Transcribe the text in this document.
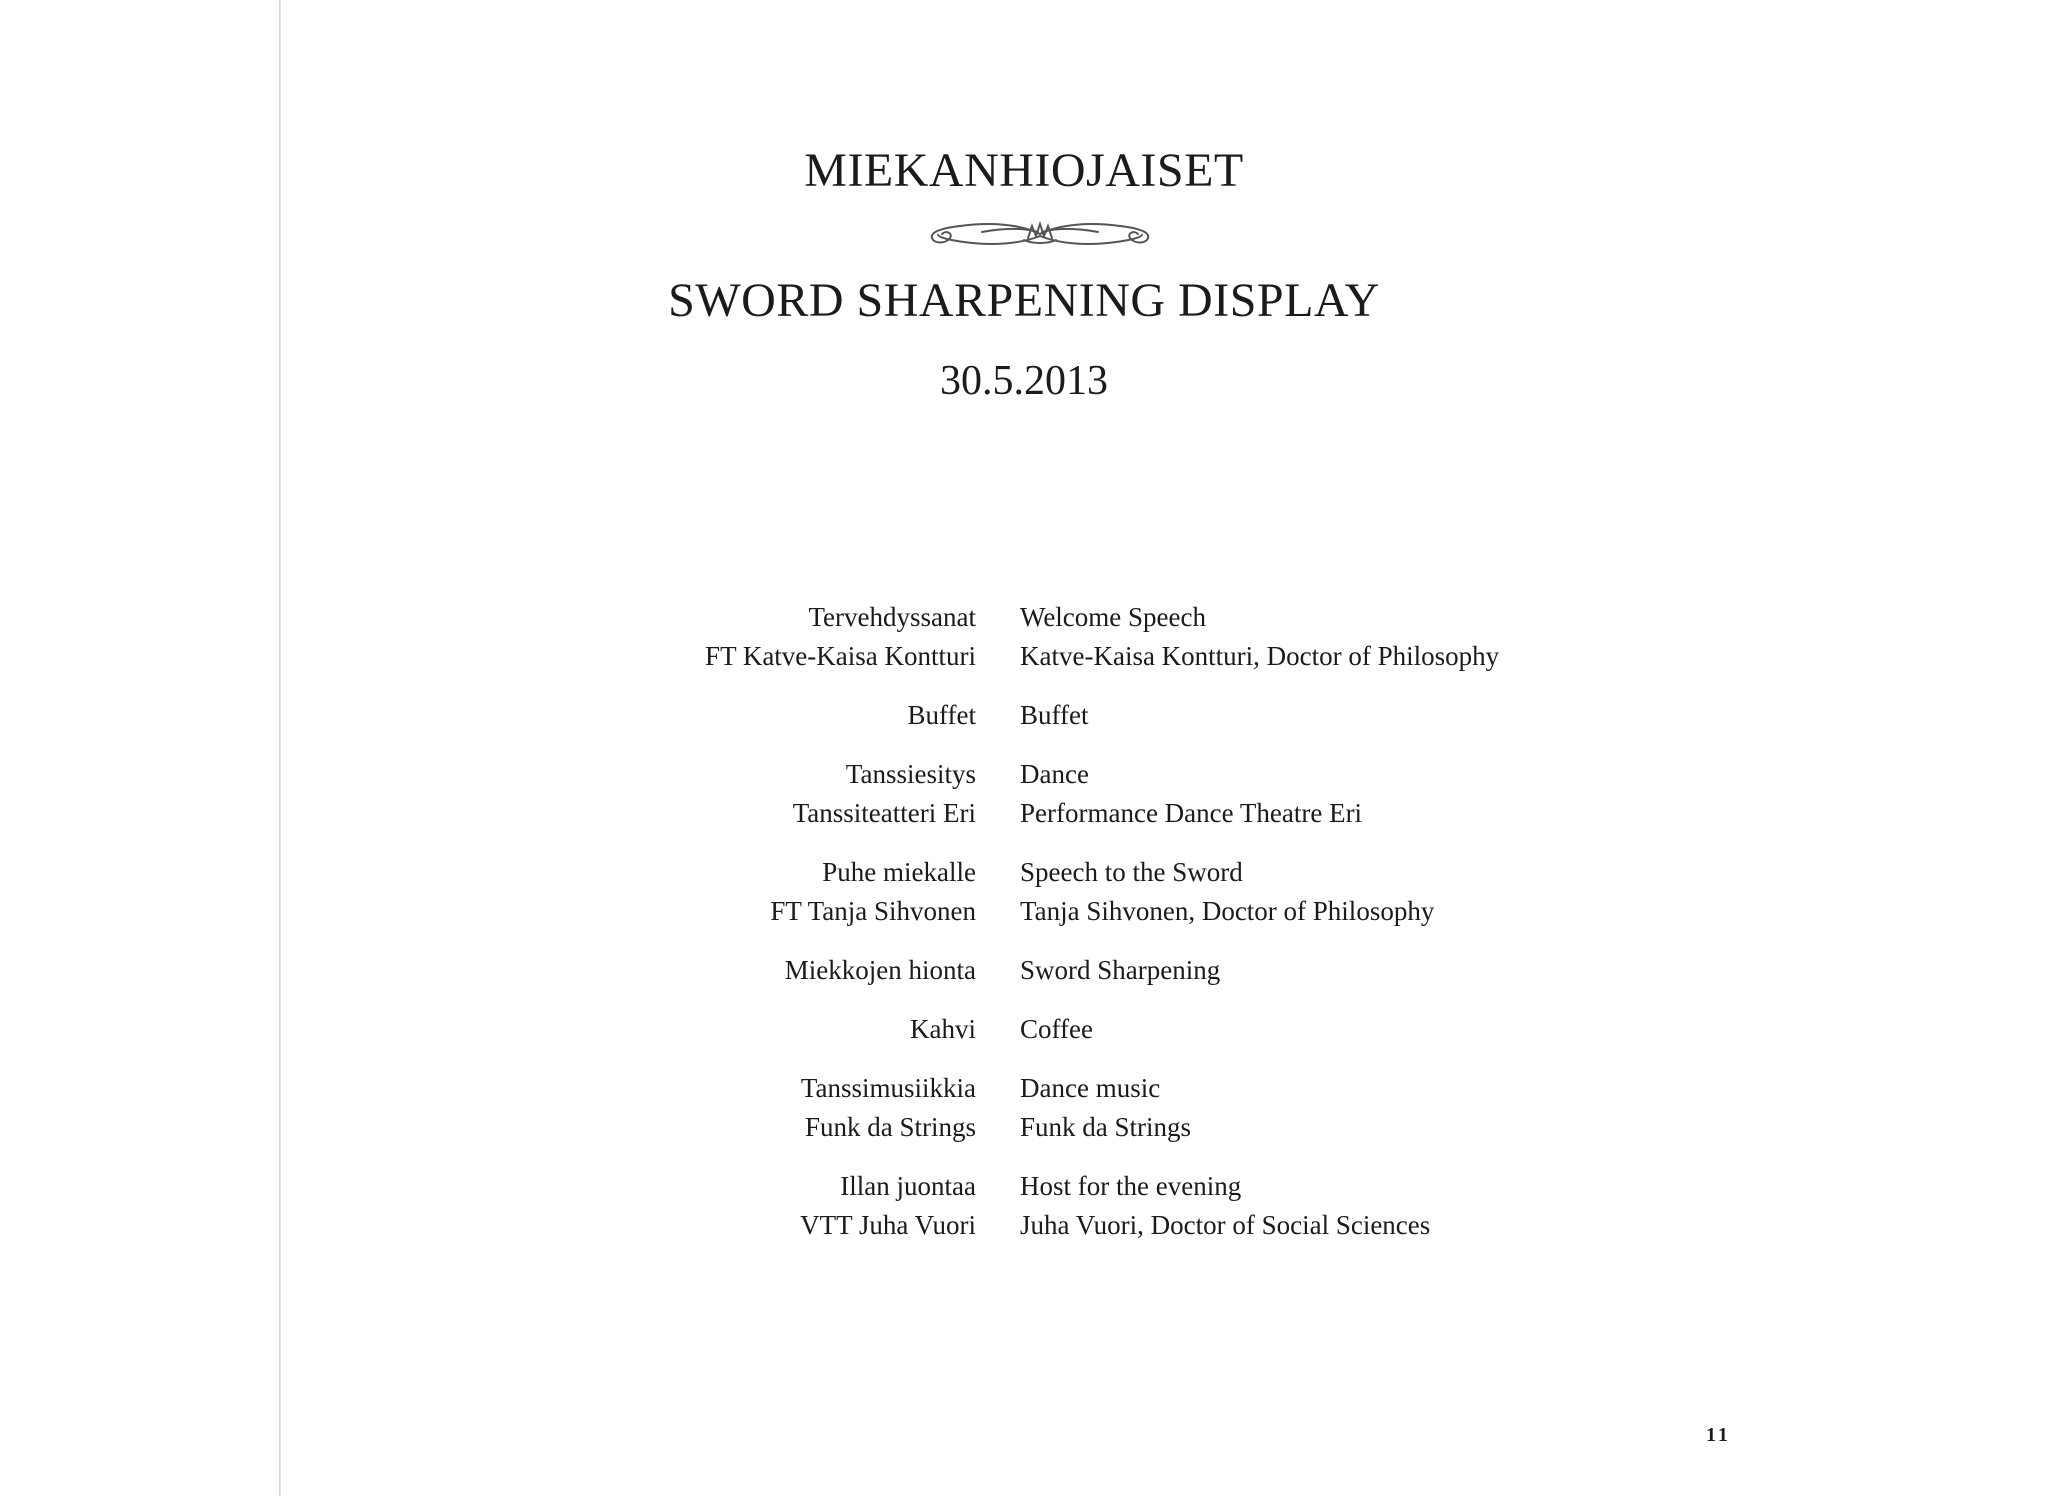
MIEKANHIOJAISET
SWORD SHARPENING DISPLAY
30.5.2013
Tervehdyssanat
FT Katve-Kaisa Kontturi
Welcome Speech
Katve-Kaisa Kontturi, Doctor of Philosophy
Buffet Buffet
Tanssiesitys
Tanssiteatteri Eri
Dance
Performance Dance Theatre Eri
Puhe miekalle
FT Tanja Sihvonen
Speech to the Sword
Tanja Sihvonen, Doctor of Philosophy
Miekkojen hionta Sword Sharpening
Kahvi Coffee
Tanssimusiikkia
Funk da Strings
Dance music
Funk da Strings
Illan juontaa
VTT Juha Vuori
Host for the evening
Juha Vuori, Doctor of Social Sciences
11
